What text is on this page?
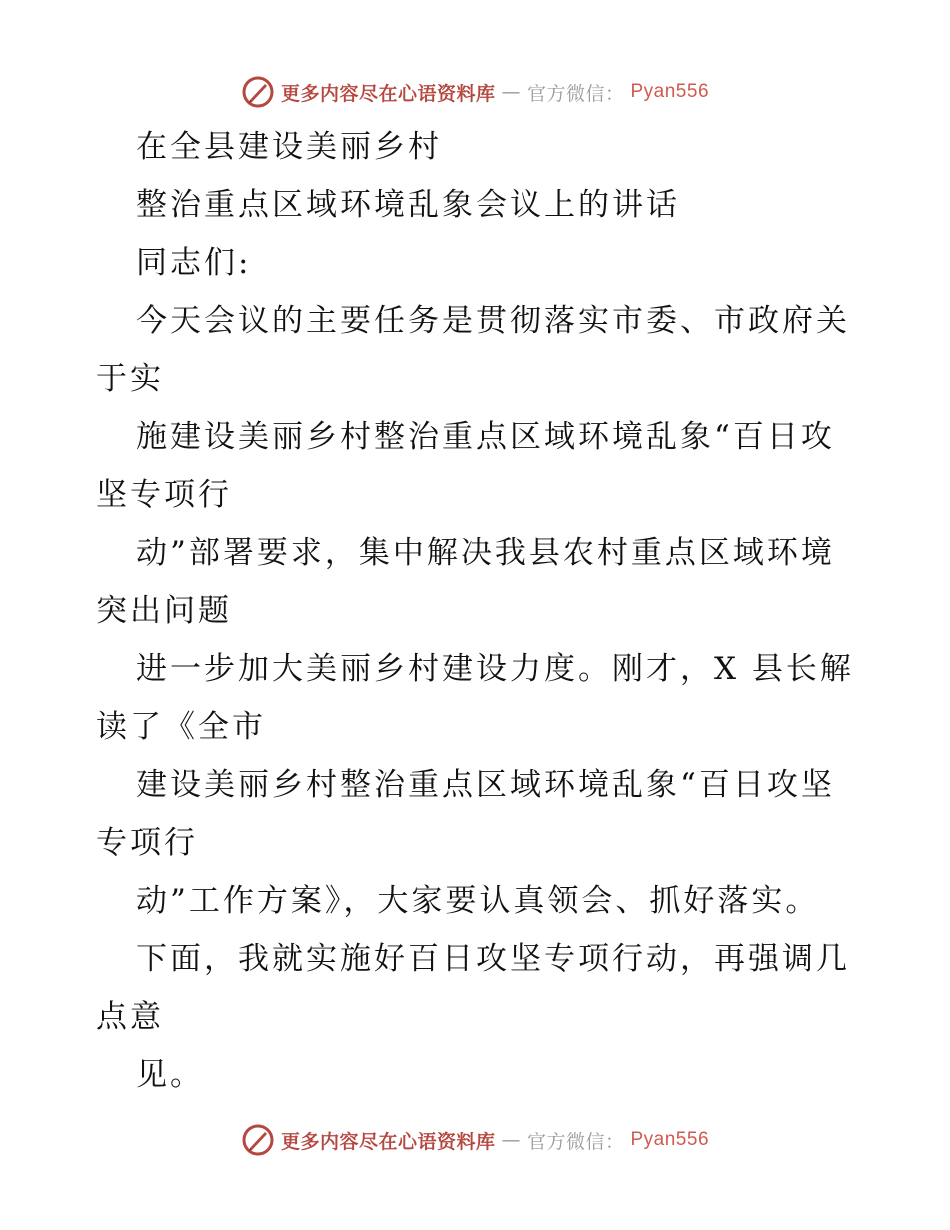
更多内容尽在心语资料库 — 官方微信： Pyan556
在全县建设美丽乡村
整治重点区域环境乱象会议上的讲话
同志们:
今天会议的主要任务是贯彻落实市委、市政府关
于实
施建设美丽乡村整治重点区域环境乱象“百日攻
坚专项行
动”部署要求，集中解决我县农村重点区域环境
突出问题
进一步加大美丽乡村建设力度。刚才，X 县长解
读了《全市
建设美丽乡村整治重点区域环境乱象“百日攻坚
专项行
动”工作方案》，大家要认真领会、抓好落实。
下面，我就实施好百日攻坚专项行动，再强调几
点意
见。
更多内容尽在心语资料库 — 官方微信： Pyan556
